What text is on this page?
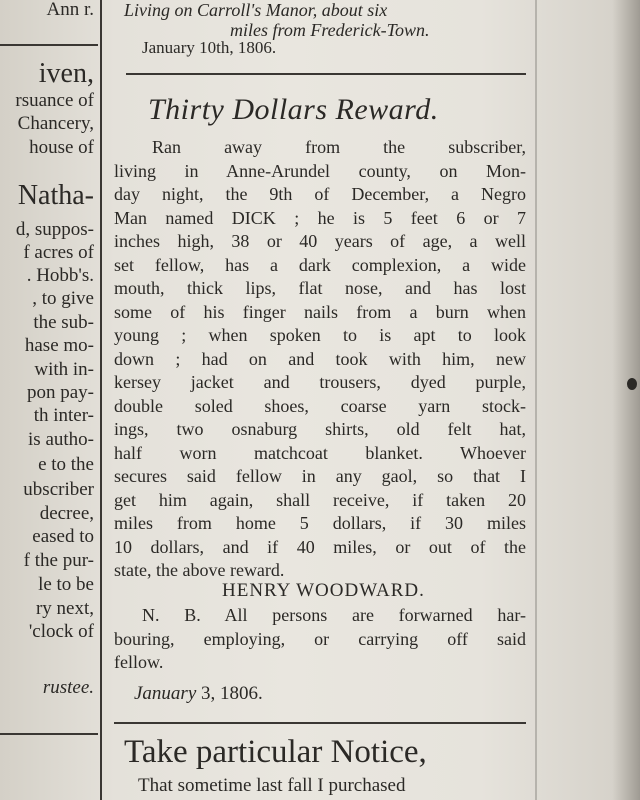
Ann r.
iven,
rsuance of
Chancery,
house of
Natha-
d, suppos-
f acres of
. Hobb's.
, to give
the sub-
hase mo-
with in-
pon pay-
th inter-
is autho-
e to the
ubscriber
decree,
eased to
f the pur-
le to be
ry next,
'clock of
rustee.
Living on Carroll's Manor, about six
miles from Frederick-Town.
January 10th, 1806.
Thirty Dollars Reward.
Ran away from the subscriber,
living in Anne-Arundel county, on Mon-
day night, the 9th of December, a Negro
Man named DICK ; he is 5 feet 6 or 7
inches high, 38 or 40 years of age, a well
set fellow, has a dark complexion, a wide
mouth, thick lips, flat nose, and has lost
some of his finger nails from a burn when
young ; when spoken to is apt to look
down ; had on and took with him, new
kersey jacket and trousers, dyed purple,
double soled shoes, coarse yarn stock-
ings, two osnaburg shirts, old felt hat,
half worn matchcoat blanket. Whoever
secures said fellow in any gaol, so that I
get him again, shall receive, if taken 20
miles from home 5 dollars, if 30 miles
10 dollars, and if 40 miles, or out of the
state, the above reward.
HENRY WOODWARD.
N. B. All persons are forwarned har-
bouring, employing, or carrying off said
fellow.
January 3, 1806.
Take particular Notice,
That sometime last fall I purchased
